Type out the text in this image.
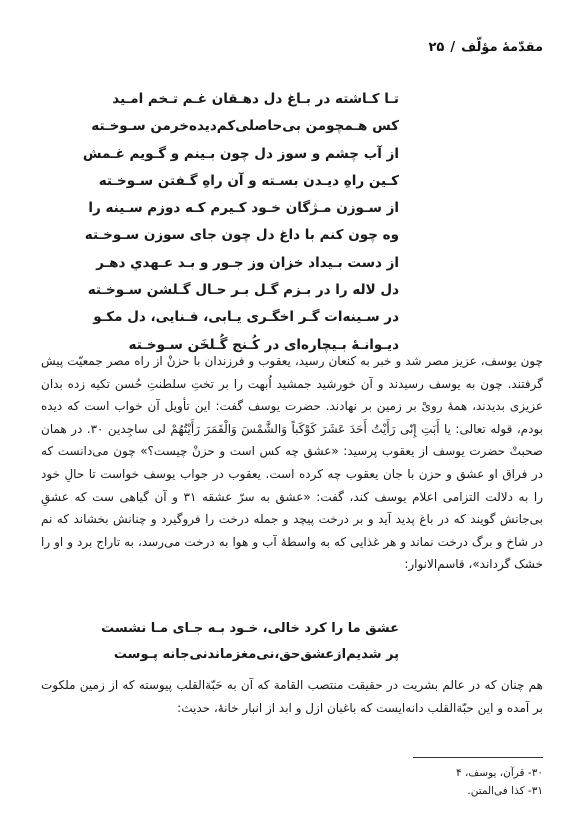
مقدّمهٔ مؤلّف/۲۵
تـا کـاشته در بـاغ دل دهـقان غـم تـخم امـید
کس هـمچومن بی‌حاصلی‌کم‌دیده‌خرمن سـوخـته
از آب چشم و سوز دل چون بـینم و گـویم غـمش
کـین راهِ دیـدن بسـته و آن راهِ گـفتن سـوخـته
از سـوزن مـژگان خـود کـیرم کـه دوزم سـینه را
وه چون کنم با داغ دل چون جای سوزن سـوخـته
از دست بـیداد خزان وز جـور و بـد عـهدي دهـر
دل لاله را در بـزم گـل بـر حـال گـلشن سـوخـته
در سـینه‌ات گـر اخگـری یـابی، فـنایی، دل مکـو
دیـوانـهٔ بـیچاره‌ای در کُـنج گُـلخَن سـوخـته

چون یوسف، عزیز مصر شد و خبر به کنعان رسید، یعقوب و فرزندان با حزنْ از راه مصر جمعیّت پیش گرفتند. چون به یوسف رسیدند و آن خورشید جمشید اُبهت را بر تختِ سلطنتِ حُسن تکیه زده بدان عزیزی بدیدند، همهٔ رویْ بر زمین بر نهادند. حضرت یوسف گفت: این تأویل آن خواب است که دیده بودم، قوله تعالی: یا أَبَتِ إِنّی رَأَیْتُ أَحَدَ عَشَرَ کَوْکَباً وَالشَّمْسَ وَالْقَمَرَ رَأَیْتُهُمْ لی ساجِدین ۳۰. در همان صحبتْ حضرت یوسف از یعقوب پرسید: «عشق چه کس است و حزنْ چیست؟» چون می‌دانست که در فراق او عشق و حزن با جان یعقوب چه کرده است. یعقوب در جواب یوسف خواست تا حالِ خود را به دلالت التزامی اعلام یوسف کند، گفت: «عشق به سرّ عشقه ۳۱ و آن گیاهی ست که عشقِ بی‌جانش گویند که در باغ پدید آید و بر درخت پیچد و جمله درخت را فروگیرد و چنانش بخشاند که نم در شاخ و برگ درخت نماند و هر غذایی که به واسطهٔ آب و هوا به درخت می‌رسد، به تاراج برد و او را خشک گرداند»، قاسم‌الانوار:

عشق ما را کرد خالی، خـود بـه جـای مـا نشست
پر شدیم‌ازعشق‌حق،نی‌مغزماندنی‌جانه پـوست

هم چنان که در عالم بشریت در حقیقت منتصب القامة که آن به حَبّة‌القلب پیوسته که از زمین ملکوت بر آمده و این حبّة‌القلب دانه‌ایست که باغبان ازل و ابد از انبار خانهٔ، حدیث:

۳۰- قرآن، یوسف، ۴
۳۱- کذا فی‌المتن.
